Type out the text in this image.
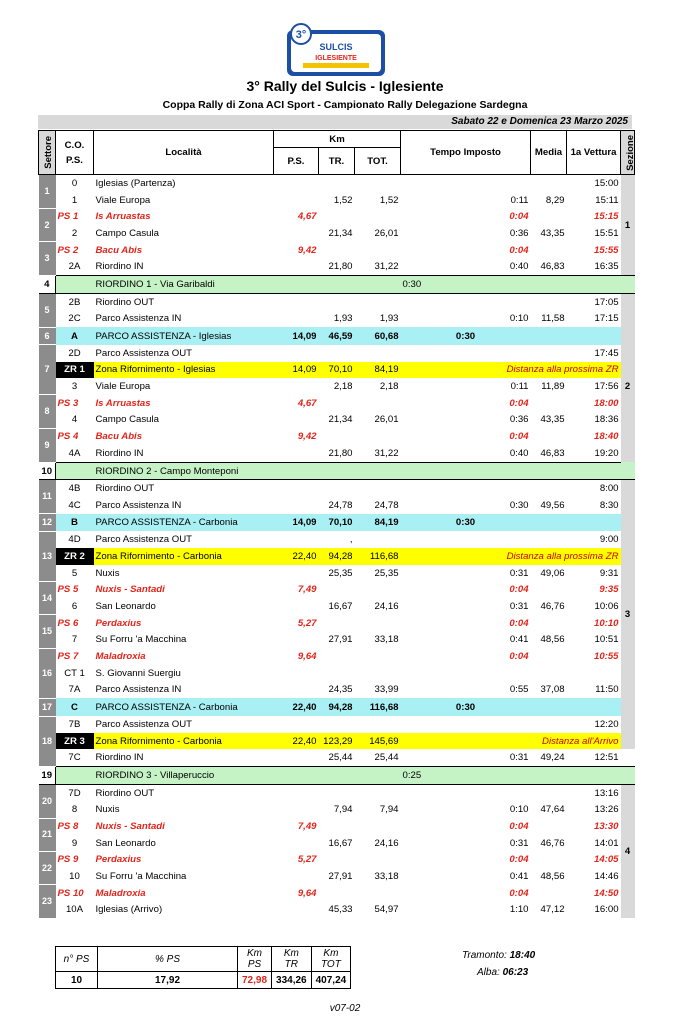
3°
SULCIS
IGLESIENTE
3° Rally del Sulcis - Iglesiente
Coppa Rally di Zona ACI Sport - Campionato Rally Delegazione Sardegna
Sabato 22 e Domenica 23 Marzo 2025
Settore	C.O.
P.S.	Località	Km			Tempo Imposto	Media	1a Vettura	Sezione

			P.S.	TR.	TOT.				
1	0	Iglesias (Partenza)						15:00	1
	1	Viale Europa		1,52	1,52	0:11	8,29	15:11	
2	PS 1	Is Arruastas	4,67			0:04		15:15	
	2	Campo Casula		21,34	26,01	0:36	43,35	15:51	
3	PS 2	Bacu Abis	9,42			0:04		15:55	
	2A	Riordino IN		21,80	31,22	0:40	46,83	16:35	
4		RIORDINO 1 - Via Garibaldi				0:30			
5	2B	Riordino OUT						17:05	2
	2C	Parco Assistenza IN		1,93	1,93	0:10	11,58	17:15	
6	A	PARCO ASSISTENZA - Iglesias	14,09	46,59	60,68	0:30			
7	2D	Parco Assistenza OUT						17:45	
	ZR 1	Zona Rifornimento - Iglesias	14,09	70,10	84,19	Distanza alla prossima ZR			
	3	Viale Europa		2,18	2,18	0:11	11,89	17:56	
8	PS 3	Is Arruastas	4,67			0:04		18:00	
	4	Campo Casula		21,34	26,01	0:36	43,35	18:36	
9	PS 4	Bacu Abis	9,42			0:04		18:40	
	4A	Riordino IN		21,80	31,22	0:40	46,83	19:20	
10		RIORDINO 2 - Campo Monteponi							
11	4B	Riordino OUT						8:00	3
	4C	Parco Assistenza IN		24,78	24,78	0:30	49,56	8:30	
12	B	PARCO ASSISTENZA - Carbonia	14,09	70,10	84,19	0:30			
13	4D	Parco Assistenza OUT		,				9:00	
	ZR 2	Zona Rifornimento - Carbonia	22,40	94,28	116,68	Distanza alla prossima ZR			
	5	Nuxis		25,35	25,35	0:31	49,06	9:31	
14	PS 5	Nuxis - Santadi	7,49			0:04		9:35	
	6	San Leonardo		16,67	24,16	0:31	46,76	10:06	
15	PS 6	Perdaxius	5,27			0:04		10:10	
	7	Su Forru 'a Macchina		27,91	33,18	0:41	48,56	10:51	
16	PS 7	Maladroxia	9,64			0:04		10:55	
	CT 1	S. Giovanni Suergiu							
	7A	Parco Assistenza IN		24,35	33,99	0:55	37,08	11:50	
17	C	PARCO ASSISTENZA - Carbonia	22,40	94,28	116,68	0:30			
18	7B	Parco Assistenza OUT						12:20	
	ZR 3	Zona Rifornimento - Carbonia	22,40	123,29	145,69	Distanza all'Arrivo			
	7C	Riordino IN		25,44	25,44	0:31	49,24	12:51	
19		RIORDINO 3 - Villaperuccio				0:25			
20	7D	Riordino OUT						13:16	4
	8	Nuxis		7,94	7,94	0:10	47,64	13:26	
21	PS 8	Nuxis - Santadi	7,49			0:04		13:30	
	9	San Leonardo		16,67	24,16	0:31	46,76	14:01	
22	PS 9	Perdaxius	5,27			0:04		14:05	
	10	Su Forru 'a Macchina		27,91	33,18	0:41	48,56	14:46	
23	PS 10	Maladroxia	9,64			0:04		14:50	
	10A	Iglesias (Arrivo)		45,33	54,97	1:10	47,12	16:00	
n° PS	% PS	Km PS	Km TR	Km TOT
10	17,92	72,98	334,26	407,24
Tramonto: 18:40
Alba: 06:23
v07-02
